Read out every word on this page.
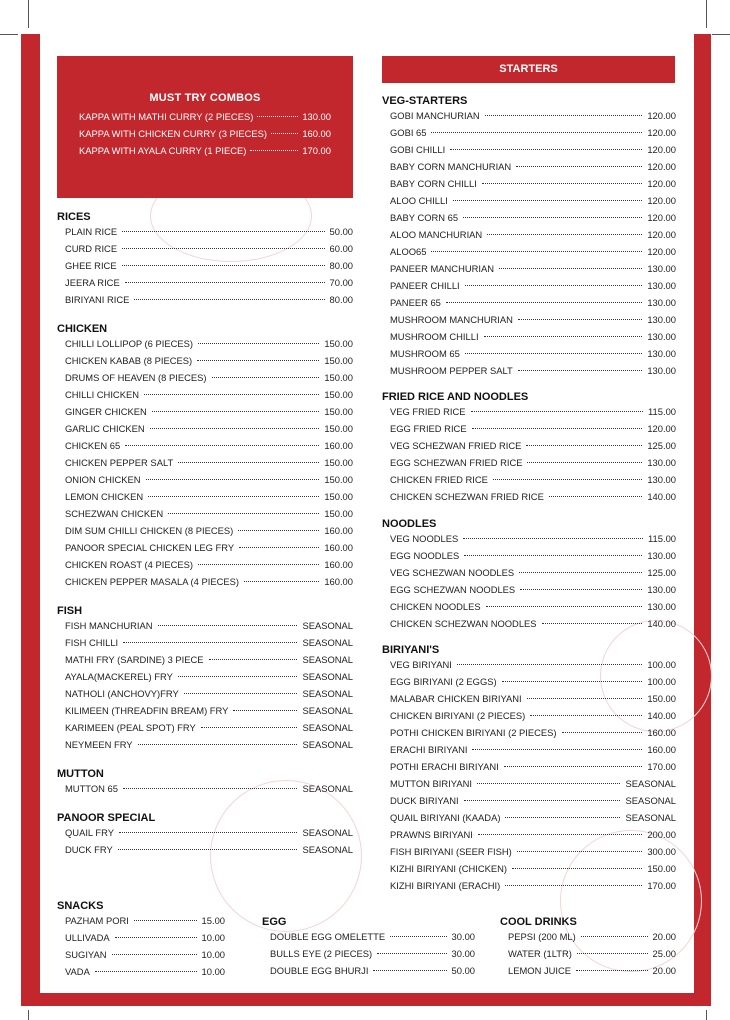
MUST TRY COMBOS
KAPPA WITH MATHI CURRY (2 PIECES)	130.00
KAPPA WITH CHICKEN CURRY (3 PIECES)	160.00
KAPPA WITH AYALA CURRY (1 PIECE)	170.00
STARTERS
RICES
PLAIN RICE	50.00
CURD RICE	60.00
GHEE RICE	80.00
JEERA RICE	70.00
BIRIYANI RICE	80.00
CHICKEN
CHILLI LOLLIPOP (6 PIECES)	150.00
CHICKEN KABAB (8 PIECES)	150.00
DRUMS OF HEAVEN (8 PIECES)	150.00
CHILLI CHICKEN	150.00
GINGER CHICKEN	150.00
GARLIC CHICKEN	150.00
CHICKEN 65	160.00
CHICKEN PEPPER SALT	150.00
ONION CHICKEN	150.00
LEMON CHICKEN	150.00
SCHEZWAN CHICKEN	150.00
DIM SUM CHILLI CHICKEN (8 PIECES)	160.00
PANOOR SPECIAL CHICKEN LEG FRY	160.00
CHICKEN ROAST (4 PIECES)	160.00
CHICKEN PEPPER MASALA (4 PIECES)	160.00
FISH
FISH MANCHURIAN	SEASONAL
FISH CHILLI	SEASONAL
MATHI FRY (SARDINE) 3 PIECE	SEASONAL
AYALA(MACKEREL) FRY	SEASONAL
NATHOLI (ANCHOVY)FRY	SEASONAL
KILIMEEN (THREADFIN BREAM) FRY	SEASONAL
KARIMEEN (PEAL SPOT) FRY	SEASONAL
NEYMEEN FRY	SEASONAL
MUTTON
MUTTON 65	SEASONAL
PANOOR SPECIAL
QUAIL FRY	SEASONAL
DUCK FRY	SEASONAL
VEG-STARTERS
GOBI MANCHURIAN	120.00
GOBI 65	120.00
GOBI CHILLI	120.00
BABY CORN MANCHURIAN	120.00
BABY CORN CHILLI	120.00
ALOO CHILLI	120.00
BABY CORN 65	120.00
ALOO MANCHURIAN	120.00
ALOO65	120.00
PANEER MANCHURIAN	130.00
PANEER CHILLI	130.00
PANEER 65	130.00
MUSHROOM MANCHURIAN	130.00
MUSHROOM CHILLI	130.00
MUSHROOM 65	130.00
MUSHROOM PEPPER SALT	130.00
FRIED RICE AND NOODLES
VEG FRIED RICE	115.00
EGG FRIED RICE	120.00
VEG SCHEZWAN FRIED RICE	125.00
EGG SCHEZWAN FRIED RICE	130.00
CHICKEN FRIED RICE	130.00
CHICKEN SCHEZWAN FRIED RICE	140.00
NOODLES
VEG NOODLES	115.00
EGG NOODLES	130.00
VEG SCHEZWAN NOODLES	125.00
EGG SCHEZWAN NOODLES	130.00
CHICKEN NOODLES	130.00
CHICKEN SCHEZWAN NOODLES	140.00
BIRIYANI'S
VEG BIRIYANI	100.00
EGG BIRIYANI (2 EGGS)	100.00
MALABAR CHICKEN BIRIYANI	150.00
CHICKEN BIRIYANI (2 PIECES)	140.00
POTHI CHICKEN BIRIYANI (2 PIECES)	160.00
ERACHI BIRIYANI	160.00
POTHI ERACHI BIRIYANI	170.00
MUTTON BIRIYANI	SEASONAL
DUCK BIRIYANI	SEASONAL
QUAIL BIRIYANI (KAADA)	SEASONAL
PRAWNS BIRIYANI	200.00
FISH BIRIYANI (SEER FISH)	300.00
KIZHI BIRIYANI (CHICKEN)	150.00
KIZHI BIRIYANI (ERACHI)	170.00
SNACKS
PAZHAM PORI	15.00
ULLIVADA	10.00
SUGIYAN	10.00
VADA	10.00
EGG
DOUBLE EGG OMELETTE	30.00
BULLS EYE (2 PIECES)	30.00
DOUBLE EGG BHURJI	50.00
COOL DRINKS
PEPSI (200 ML)	20.00
WATER (1LTR)	25.00
LEMON JUICE	20.00
